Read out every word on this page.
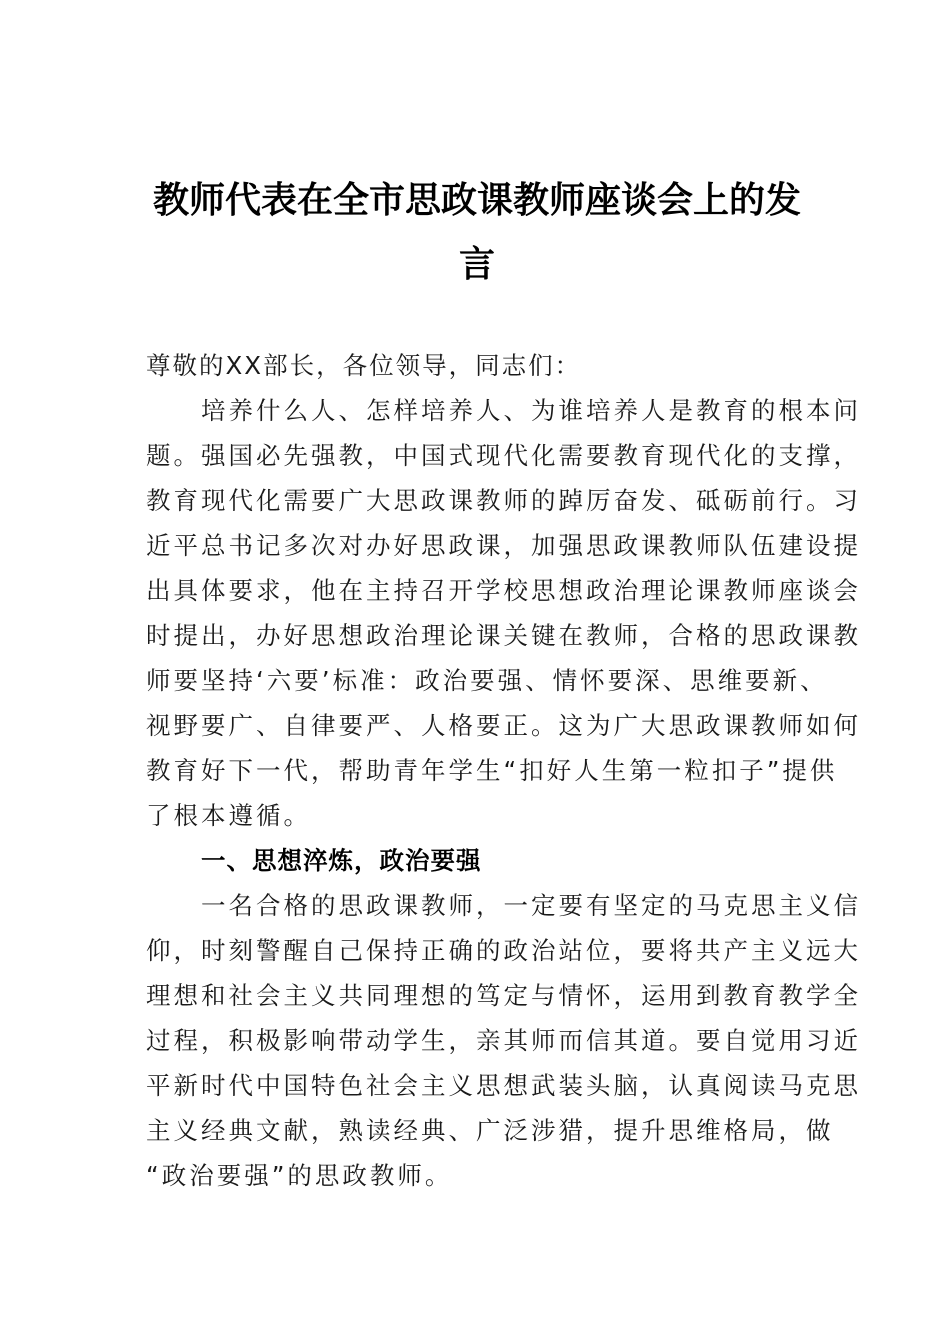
教师代表在全市思政课教师座谈会上的发
言

尊敬的XX部长，各位领导，同志们：

培养什么人、怎样培养人、为谁培养人是教育的根本问
题。强国必先强教，中国式现代化需要教育现代化的支撑，
教育现代化需要广大思政课教师的踔厉奋发、砥砺前行。习
近平总书记多次对办好思政课，加强思政课教师队伍建设提
出具体要求，他在主持召开学校思想政治理论课教师座谈会
时提出，办好思想政治理论课关键在教师，合格的思政课教
师要坚持‘六要’标准：政治要强、情怀要深、思维要新、
视野要广、自律要严、人格要正。这为广大思政课教师如何
教育好下一代，帮助青年学生“扣好人生第一粒扣子”提供
了根本遵循。

一、思想淬炼，政治要强

一名合格的思政课教师，一定要有坚定的马克思主义信
仰，时刻警醒自己保持正确的政治站位，要将共产主义远大
理想和社会主义共同理想的笃定与情怀，运用到教育教学全
过程，积极影响带动学生，亲其师而信其道。要自觉用习近
平新时代中国特色社会主义思想武装头脑，认真阅读马克思
主义经典文献，熟读经典、广泛涉猎，提升思维格局，做
“政治要强”的思政教师。
